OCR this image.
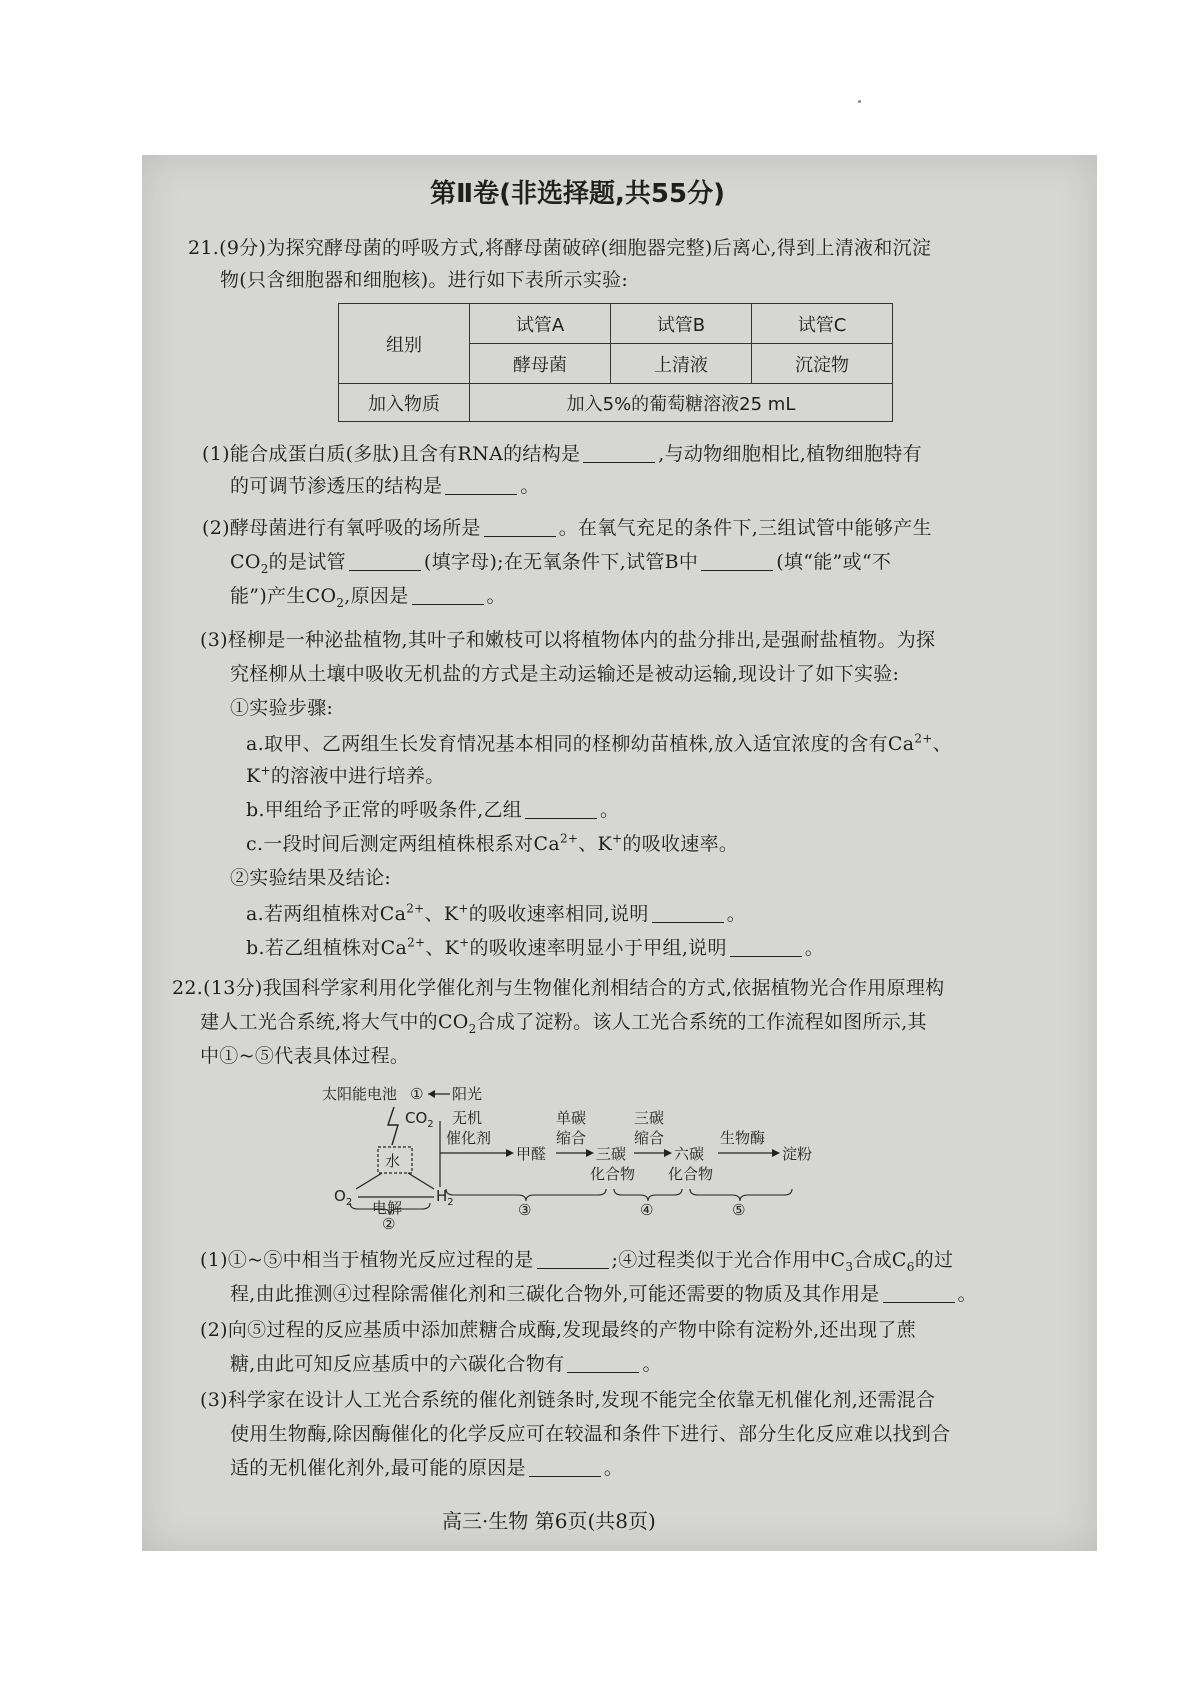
第Ⅱ卷(非选择题,共55分)
21.(9分)为探究酵母菌的呼吸方式,将酵母菌破碎(细胞器完整)后离心,得到上清液和沉淀
物(只含细胞器和细胞核)。进行如下表所示实验:
组别	试管A	试管B	试管C
	酵母菌	上清液	沉淀物
加入物质	加入5%的葡萄糖溶液25 mL		
(1)能合成蛋白质(多肽)且含有RNA的结构是	,与动物细胞相比,植物细胞特有
的可调节渗透压的结构是	。
(2)酵母菌进行有氧呼吸的场所是	。在氧气充足的条件下,三组试管中能够产生
$CO_2$的是试管	(填字母);在无氧条件下,试管B中	(填“能”或“不
能”)产生$CO_2$,原因是	。
(3)柽柳是一种泌盐植物,其叶子和嫩枝可以将植物体内的盐分排出,是强耐盐植物。为探
究柽柳从土壤中吸收无机盐的方式是主动运输还是被动运输,现设计了如下实验:
①实验步骤:
a.取甲、乙两组生长发育情况基本相同的柽柳幼苗植株,放入适宜浓度的含有$Ca^{2+}$、
K+的溶液中进行培养。
b.甲组给予正常的呼吸条件,乙组	。
c.一段时间后测定两组植株根系对$Ca^{2+}$、K+的吸收速率。
②实验结果及结论:
a.若两组植株对$Ca^{2+}$、K+的吸收速率相同,说明	。
b.若乙组植株对$Ca^{2+}$、K+的吸收速率明显小于甲组,说明	。
22.(13分)我国科学家利用化学催化剂与生物催化剂相结合的方式,依据植物光合作用原理构
建人工光合系统,将大气中的$CO_2$合成了淀粉。该人工光合系统的工作流程如图所示,其
中①~⑤代表具体过程。
太阳能电池 ① 阳光
$CO_2$
水
$O_2$ 电解
$H_2$
无机
催化剂
甲醛
单碳
缩合
三碳
化合物
三碳
缩合
六碳
化合物
生物酶
淀粉
②
③	④	⑤
(1)①~⑤中相当于植物光反应过程的是	;④过程类似于光合作用中$C_3$合成$C_6$的过
程,由此推测④过程除需催化剂和三碳化合物外,可能还需要的物质及其作用是	。
(2)向⑤过程的反应基质中添加蔗糖合成酶,发现最终的产物中除有淀粉外,还出现了蔗
糖,由此可知反应基质中的六碳化合物有	。
(3)科学家在设计人工光合系统的催化剂链条时,发现不能完全依靠无机催化剂,还需混合
使用生物酶,除因酶催化的化学反应可在较温和条件下进行、部分生化反应难以找到合
适的无机催化剂外,最可能的原因是	。
高三·生物 第6页(共8页)
